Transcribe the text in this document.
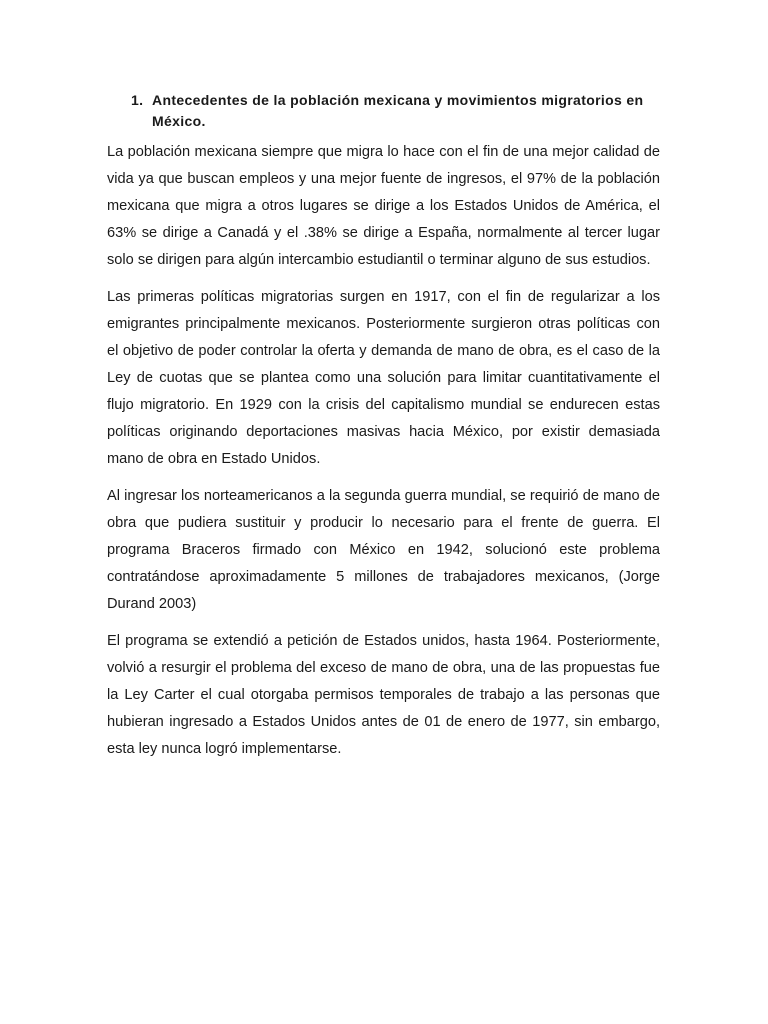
1. Antecedentes de la población mexicana y movimientos migratorios en México.

La población mexicana siempre que migra lo hace con el fin de una mejor calidad de vida ya que buscan empleos y una mejor fuente de ingresos, el 97% de la población mexicana que migra a otros lugares se dirige a los Estados Unidos de América, el 63% se dirige a Canadá y el .38% se dirige a España, normalmente al tercer lugar solo se dirigen para algún intercambio estudiantil o terminar alguno de sus estudios.

Las primeras políticas migratorias surgen en 1917, con el fin de regularizar a los emigrantes principalmente mexicanos. Posteriormente surgieron otras políticas con el objetivo de poder controlar la oferta y demanda de mano de obra, es el caso de la Ley de cuotas que se plantea como una solución para limitar cuantitativamente el flujo migratorio. En 1929 con la crisis del capitalismo mundial se endurecen estas políticas originando deportaciones masivas hacia México, por existir demasiada mano de obra en Estado Unidos.

Al ingresar los norteamericanos a la segunda guerra mundial, se requirió de mano de obra que pudiera sustituir y producir lo necesario para el frente de guerra. El programa Braceros firmado con México en 1942, solucionó este problema contratándose aproximadamente 5 millones de trabajadores mexicanos, (Jorge Durand 2003)

El programa se extendió a petición de Estados unidos, hasta 1964. Posteriormente, volvió a resurgir el problema del exceso de mano de obra, una de las propuestas fue la Ley Carter el cual otorgaba permisos temporales de trabajo a las personas que hubieran ingresado a Estados Unidos antes de 01 de enero de 1977, sin embargo, esta ley nunca logró implementarse.
